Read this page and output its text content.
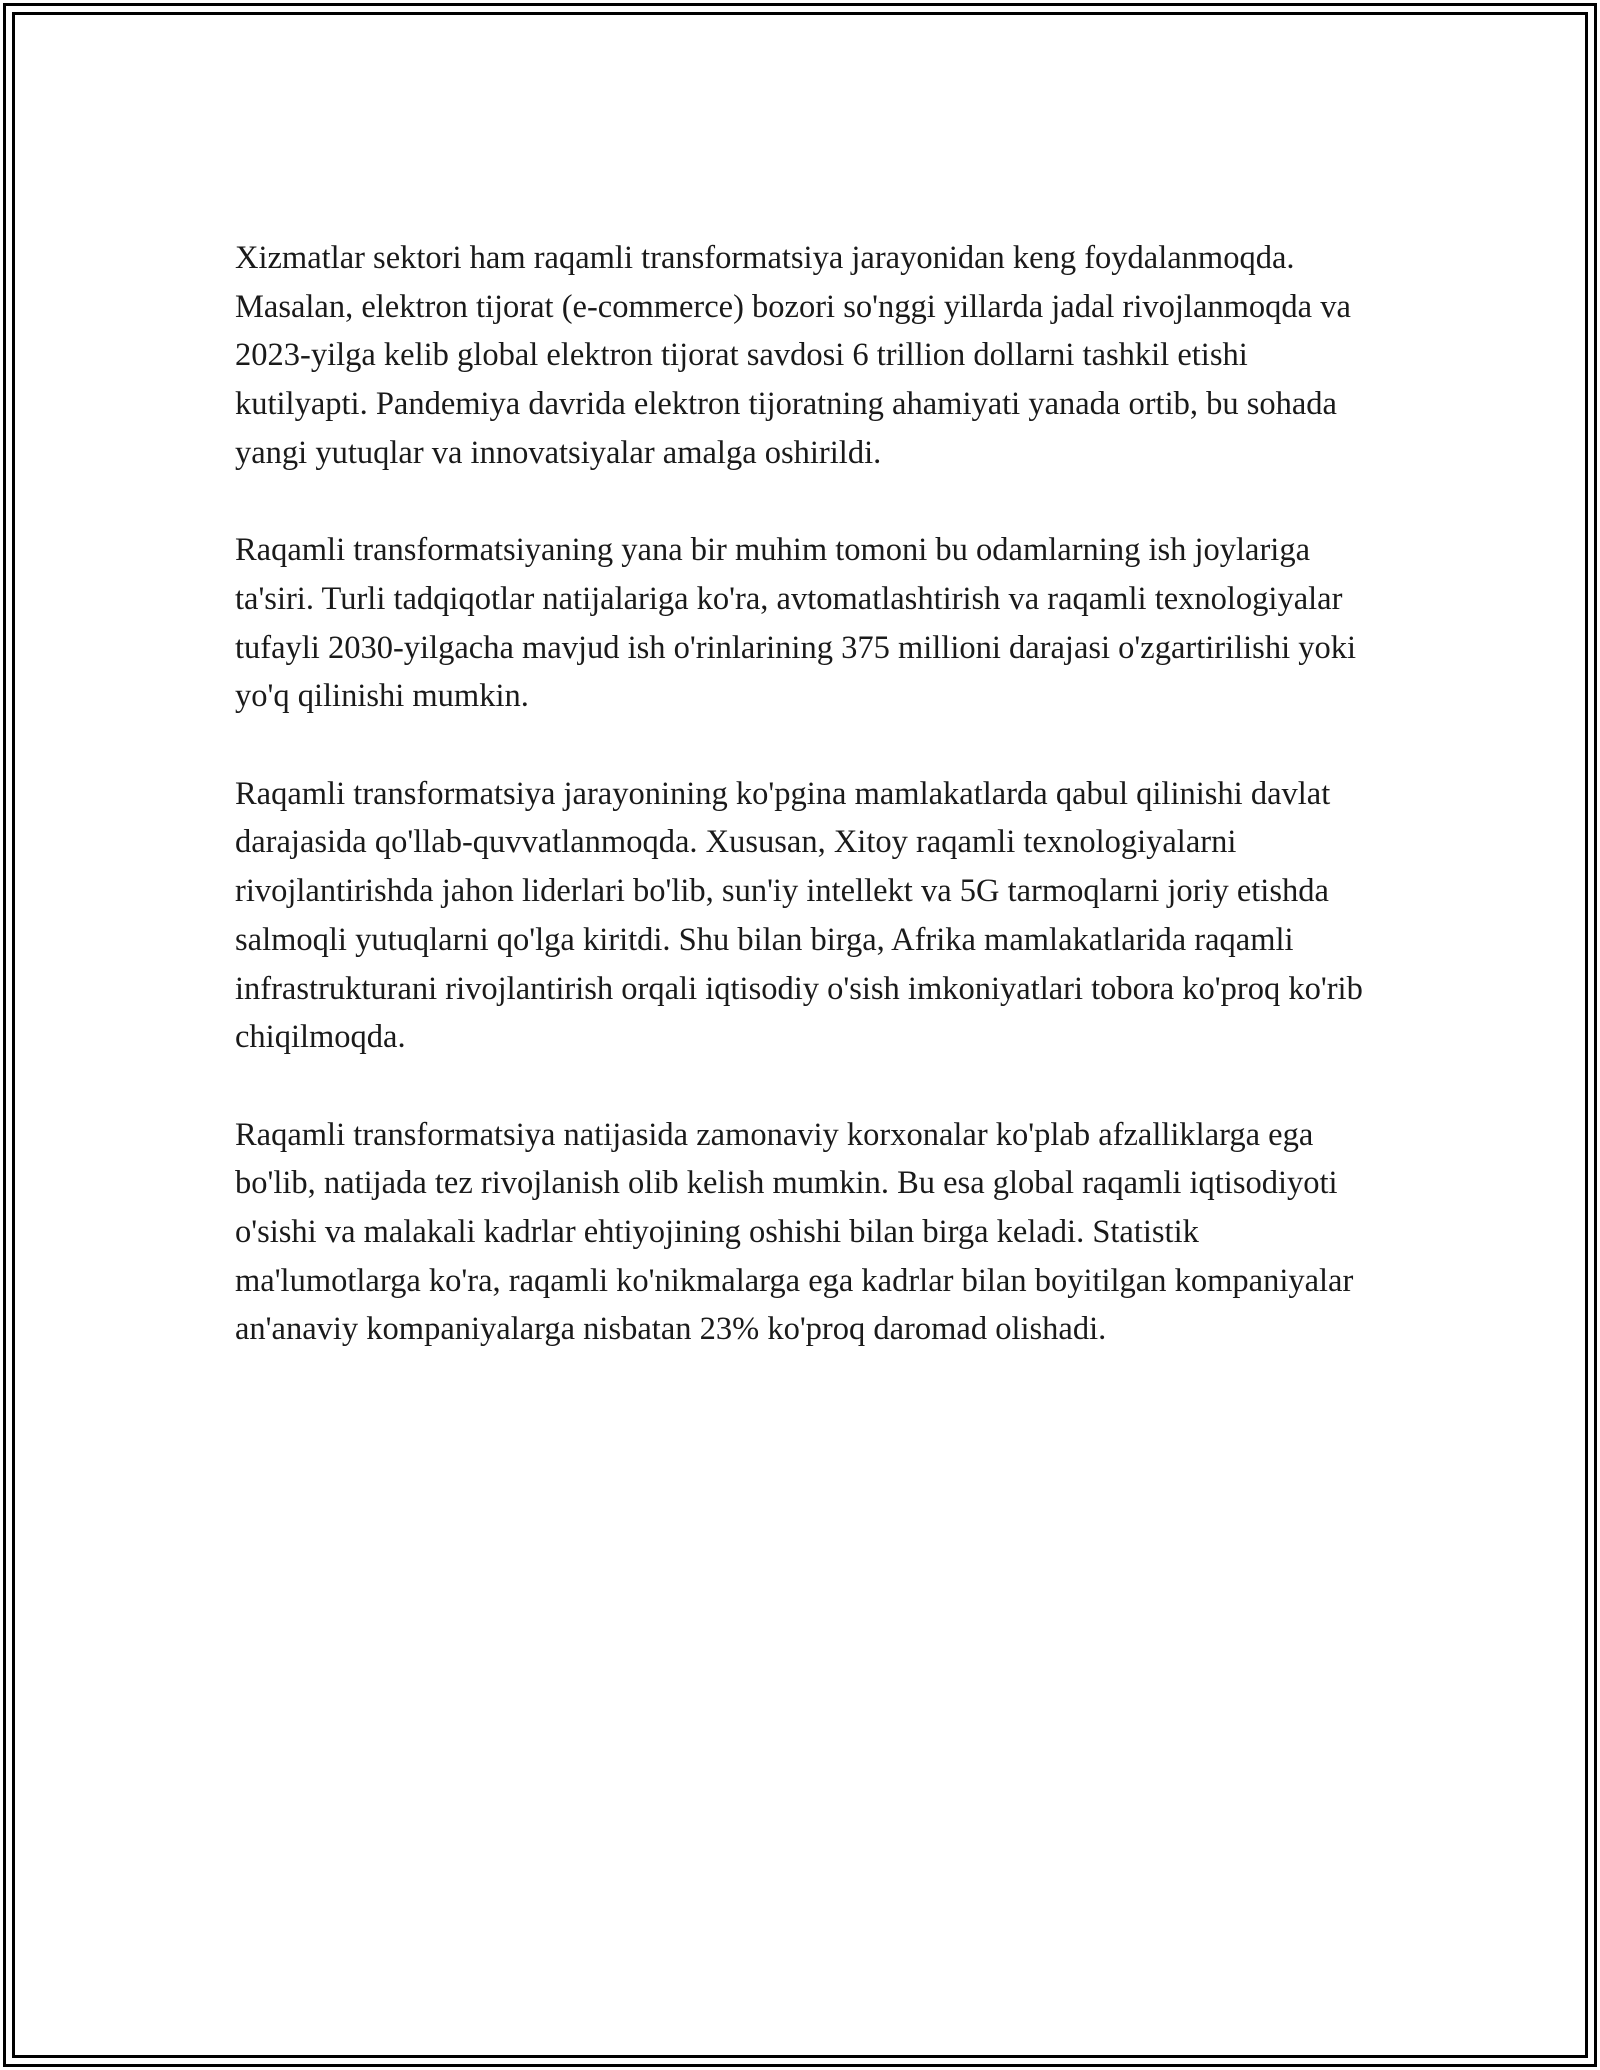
Xizmatlar sektori ham raqamli transformatsiya jarayonidan keng foydalanmoqda. Masalan, elektron tijorat (e-commerce) bozori so'nggi yillarda jadal rivojlanmoqda va 2023-yilga kelib global elektron tijorat savdosi 6 trillion dollarni tashkil etishi kutilyapti. Pandemiya davrida elektron tijoratning ahamiyati yanada ortib, bu sohada yangi yutuqlar va innovatsiyalar amalga oshirildi.

Raqamli transformatsiyaning yana bir muhim tomoni bu odamlarning ish joylariga ta'siri. Turli tadqiqotlar natijalariga ko'ra, avtomatlashtirish va raqamli texnologiyalar tufayli 2030-yilgacha mavjud ish o'rinlarining 375 millioni darajasi o'zgartirilishi yoki yo'q qilinishi mumkin.

Raqamli transformatsiya jarayonining ko'pgina mamlakatlarda qabul qilinishi davlat darajasida qo'llab-quvvatlanmoqda. Xususan, Xitoy raqamli texnologiyalarni rivojlantirishda jahon liderlari bo'lib, sun'iy intellekt va 5G tarmoqlarni joriy etishda salmoqli yutuqlarni qo'lga kiritdi. Shu bilan birga, Afrika mamlakatlarida raqamli infrastrukturani rivojlantirish orqali iqtisodiy o'sish imkoniyatlari tobora ko'proq ko'rib chiqilmoqda.

Raqamli transformatsiya natijasida zamonaviy korxonalar ko'plab afzalliklarga ega bo'lib, natijada tez rivojlanish olib kelish mumkin. Bu esa global raqamli iqtisodiyoti o'sishi va malakali kadrlar ehtiyojining oshishi bilan birga keladi. Statistik ma'lumotlarga ko'ra, raqamli ko'nikmalarga ega kadrlar bilan boyitilgan kompaniyalar an'anaviy kompaniyalarga nisbatan 23% ko'proq daromad olishadi.
